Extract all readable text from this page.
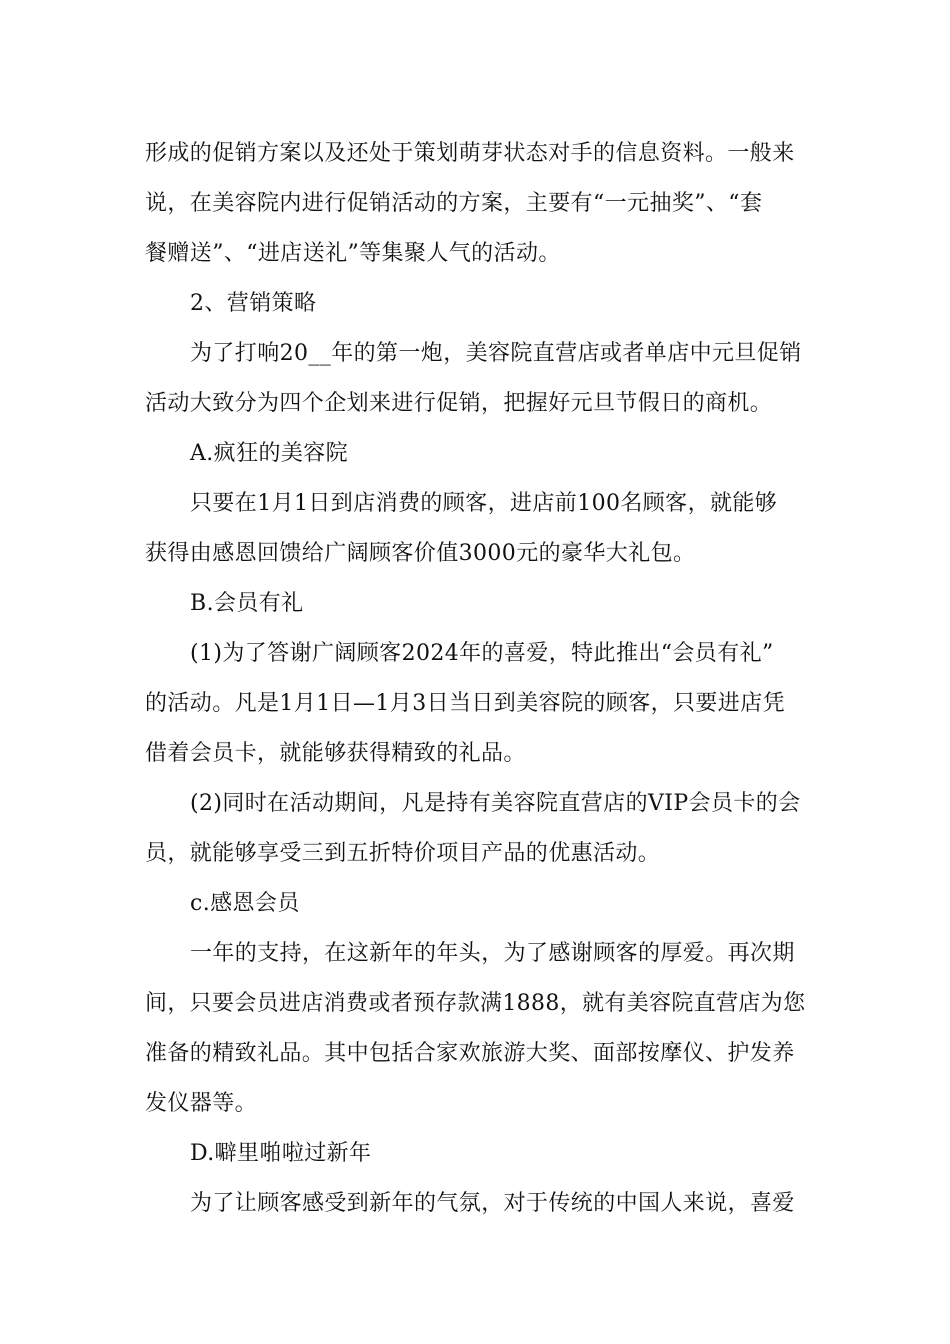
形成的促销方案以及还处于策划萌芽状态对手的信息资料。一般来
说，在美容院内进行促销活动的方案，主要有“一元抽奖”、“套
餐赠送”、“进店送礼”等集聚人气的活动。
2、营销策略
为了打响20__年的第一炮，美容院直营店或者单店中元旦促销
活动大致分为四个企划来进行促销，把握好元旦节假日的商机。
A.疯狂的美容院
只要在1月1日到店消费的顾客，进店前100名顾客，就能够
获得由感恩回馈给广阔顾客价值3000元的豪华大礼包。
B.会员有礼
(1)为了答谢广阔顾客2024年的喜爱，特此推出“会员有礼”
的活动。凡是1月1日—1月3日当日到美容院的顾客，只要进店凭
借着会员卡，就能够获得精致的礼品。
(2)同时在活动期间，凡是持有美容院直营店的VIP会员卡的会
员，就能够享受三到五折特价项目产品的优惠活动。
c.感恩会员
一年的支持，在这新年的年头，为了感谢顾客的厚爱。再次期
间，只要会员进店消费或者预存款满1888，就有美容院直营店为您
准备的精致礼品。其中包括合家欢旅游大奖、面部按摩仪、护发养
发仪器等。
D.噼里啪啦过新年
为了让顾客感受到新年的气氛，对于传统的中国人来说，喜爱
